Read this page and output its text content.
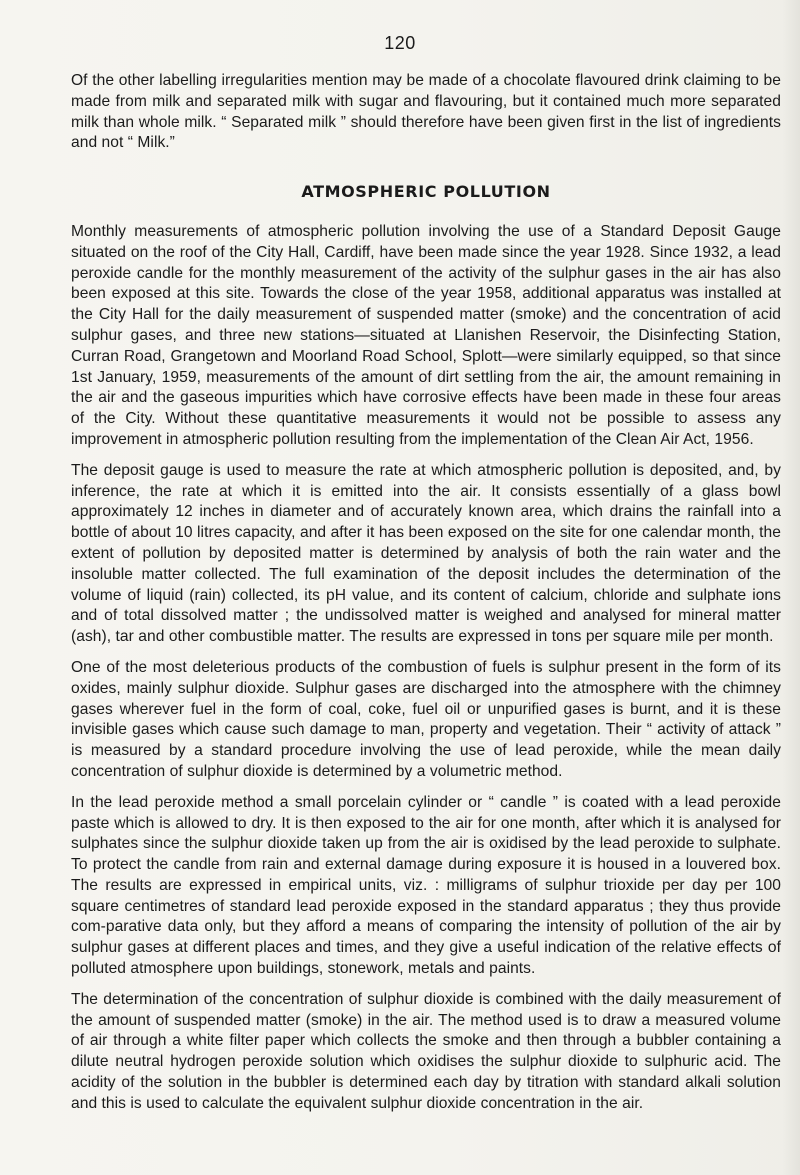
120

Of the other labelling irregularities mention may be made of a chocolate flavoured drink claiming to be made from milk and separated milk with sugar and flavouring, but it contained much more separated milk than whole milk. “ Separated milk ” should therefore have been given first in the list of ingredients and not “ Milk.”

ATMOSPHERIC POLLUTION

Monthly measurements of atmospheric pollution involving the use of a Standard Deposit Gauge situated on the roof of the City Hall, Cardiff, have been made since the year 1928. Since 1932, a lead peroxide candle for the monthly measurement of the activity of the sulphur gases in the air has also been exposed at this site. Towards the close of the year 1958, additional apparatus was installed at the City Hall for the daily measurement of suspended matter (smoke) and the concentration of acid sulphur gases, and three new stations—situated at Llanishen Reservoir, the Disinfecting Station, Curran Road, Grangetown and Moorland Road School, Splott—were similarly equipped, so that since 1st January, 1959, measurements of the amount of dirt settling from the air, the amount remaining in the air and the gaseous impurities which have corrosive effects have been made in these four areas of the City. Without these quantitative measurements it would not be possible to assess any improvement in atmospheric pollution resulting from the implementation of the Clean Air Act, 1956.

The deposit gauge is used to measure the rate at which atmospheric pollution is deposited, and, by inference, the rate at which it is emitted into the air. It consists essentially of a glass bowl approximately 12 inches in diameter and of accurately known area, which drains the rainfall into a bottle of about 10 litres capacity, and after it has been exposed on the site for one calendar month, the extent of pollution by deposited matter is determined by analysis of both the rain water and the insoluble matter collected. The full examination of the deposit includes the determination of the volume of liquid (rain) collected, its pH value, and its content of calcium, chloride and sulphate ions and of total dissolved matter ; the undissolved matter is weighed and analysed for mineral matter (ash), tar and other combustible matter. The results are expressed in tons per square mile per month.

One of the most deleterious products of the combustion of fuels is sulphur present in the form of its oxides, mainly sulphur dioxide. Sulphur gases are discharged into the atmosphere with the chimney gases wherever fuel in the form of coal, coke, fuel oil or unpurified gases is burnt, and it is these invisible gases which cause such damage to man, property and vegetation. Their “ activity of attack ” is measured by a standard procedure involving the use of lead peroxide, while the mean daily concentration of sulphur dioxide is determined by a volumetric method.

In the lead peroxide method a small porcelain cylinder or “ candle ” is coated with a lead peroxide paste which is allowed to dry. It is then exposed to the air for one month, after which it is analysed for sulphates since the sulphur dioxide taken up from the air is oxidised by the lead peroxide to sulphate. To protect the candle from rain and external damage during exposure it is housed in a louvered box. The results are expressed in empirical units, viz. : milligrams of sulphur trioxide per day per 100 square centimetres of standard lead peroxide exposed in the standard apparatus ; they thus provide com-parative data only, but they afford a means of comparing the intensity of pollution of the air by sulphur gases at different places and times, and they give a useful indication of the relative effects of polluted atmosphere upon buildings, stonework, metals and paints.

The determination of the concentration of sulphur dioxide is combined with the daily measurement of the amount of suspended matter (smoke) in the air. The method used is to draw a measured volume of air through a white filter paper which collects the smoke and then through a bubbler containing a dilute neutral hydrogen peroxide solution which oxidises the sulphur dioxide to sulphuric acid. The acidity of the solution in the bubbler is determined each day by titration with standard alkali solution and this is used to calculate the equivalent sulphur dioxide concentration in the air.
